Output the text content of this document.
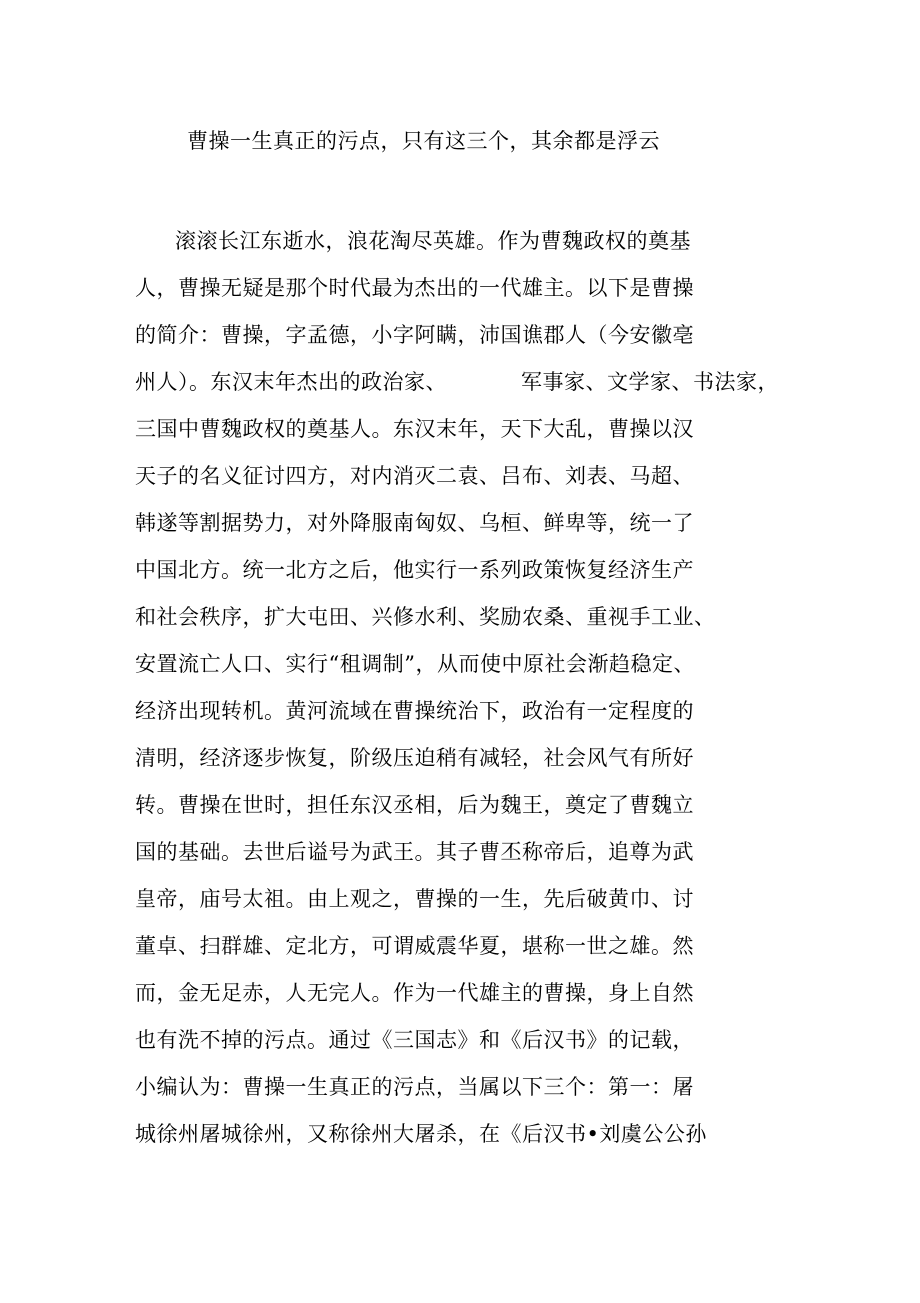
曹操一生真正的污点，只有这三个，其余都是浮云
滚滚长江东逝水，浪花淘尽英雄。作为曹魏政权的奠基
人，曹操无疑是那个时代最为杰出的一代雄主。以下是曹操
的简介：曹操，字孟德，小字阿瞒，沛国谯郡人（今安徽亳
州人）。东汉末年杰出的政治家、	军事家、文学家、书法家，
三国中曹魏政权的奠基人。东汉末年，天下大乱，曹操以汉
天子的名义征讨四方，对内消灭二袁、吕布、刘表、马超、
韩遂等割据势力，对外降服南匈奴、乌桓、鲜卑等，统一了
中国北方。统一北方之后，他实行一系列政策恢复经济生产
和社会秩序，扩大屯田、兴修水利、奖励农桑、重视手工业、
安置流亡人口、实行“租调制”，从而使中原社会渐趋稳定、
经济出现转机。黄河流域在曹操统治下，政治有一定程度的
清明，经济逐步恢复，阶级压迫稍有减轻，社会风气有所好
转。曹操在世时，担任东汉丞相，后为魏王，奠定了曹魏立
国的基础。去世后谥号为武王。其子曹丕称帝后，追尊为武
皇帝，庙号太祖。由上观之，曹操的一生，先后破黄巾、讨
董卓、扫群雄、定北方，可谓威震华夏，堪称一世之雄。然
而，金无足赤，人无完人。作为一代雄主的曹操，身上自然
也有洗不掉的污点。通过《三国志》和《后汉书》的记载，
小编认为：曹操一生真正的污点，当属以下三个：第一：屠
城徐州屠城徐州，又称徐州大屠杀，在《后汉书•刘虞公公孙
